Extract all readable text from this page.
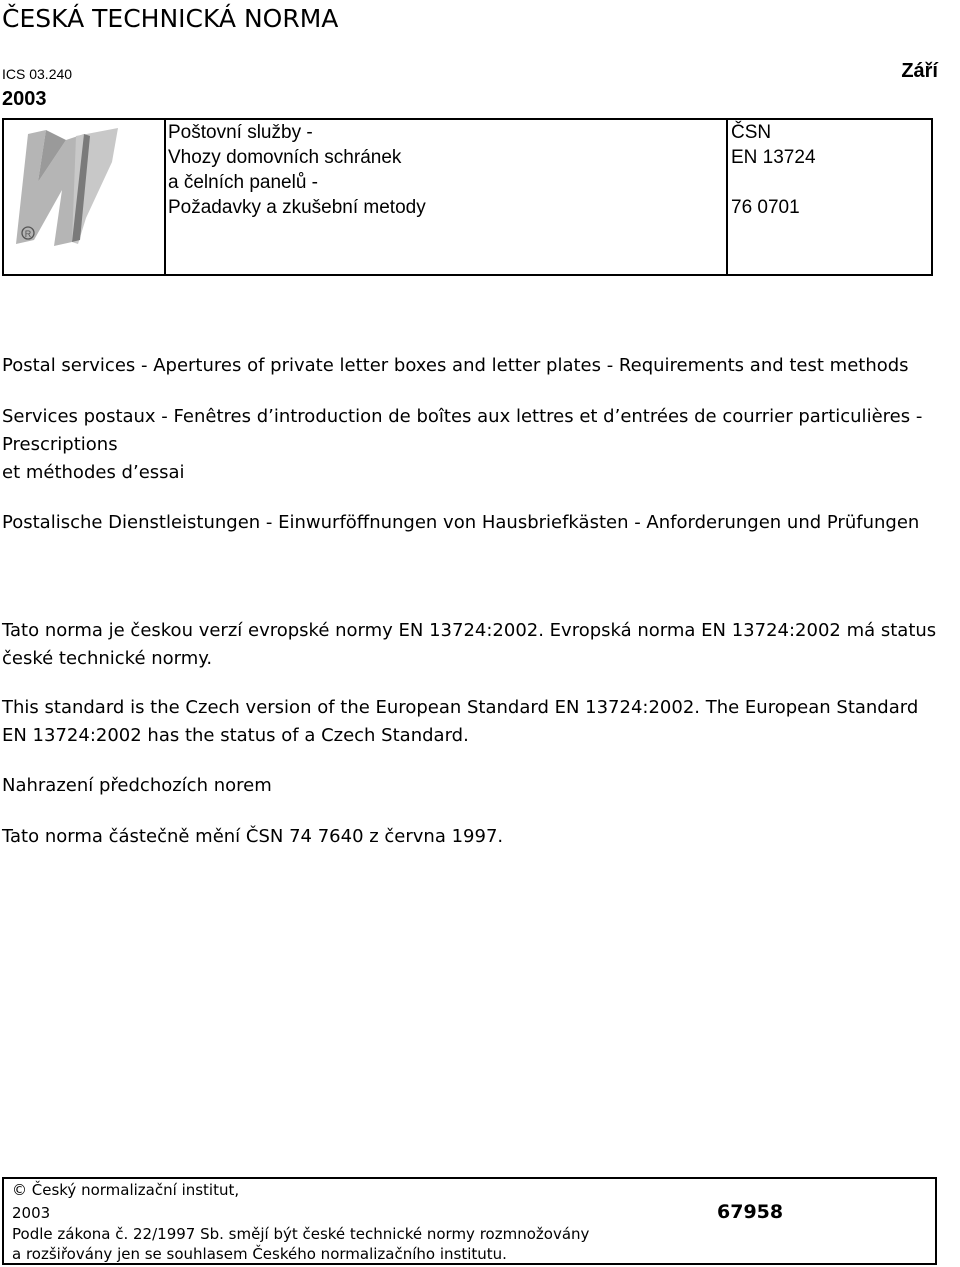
ČESKÁ TECHNICKÁ NORMA
ICS 03.240	Září
2003
R
Poštovní služby -
Vhozy domovních schránek
a čelních panelů -
Požadavky a zkušební metody
ČSN
EN 13724
76 0701
Postal services - Apertures of private letter boxes and letter plates - Requirements and test methods
Services postaux - Fenêtres d’introduction de boîtes aux lettres et d’entrées de courrier particulières -
Prescriptions
et méthodes d’essai
Postalische Dienstleistungen - Einwurföffnungen von Hausbriefkästen - Anforderungen und Prüfungen
Tato norma je českou verzí evropské normy EN 13724:2002. Evropská norma EN 13724:2002 má status
české technické normy.
This standard is the Czech version of the European Standard EN 13724:2002. The European Standard
EN 13724:2002 has the status of a Czech Standard.
Nahrazení předchozích norem
Tato norma částečně mění ČSN 74 7640 z června 1997.
© Český normalizační institut,
2003
Podle zákona č. 22/1997 Sb. smějí být české technické normy rozmnožovány
a rozšiřovány jen se souhlasem Českého normalizačního institutu.
67958
